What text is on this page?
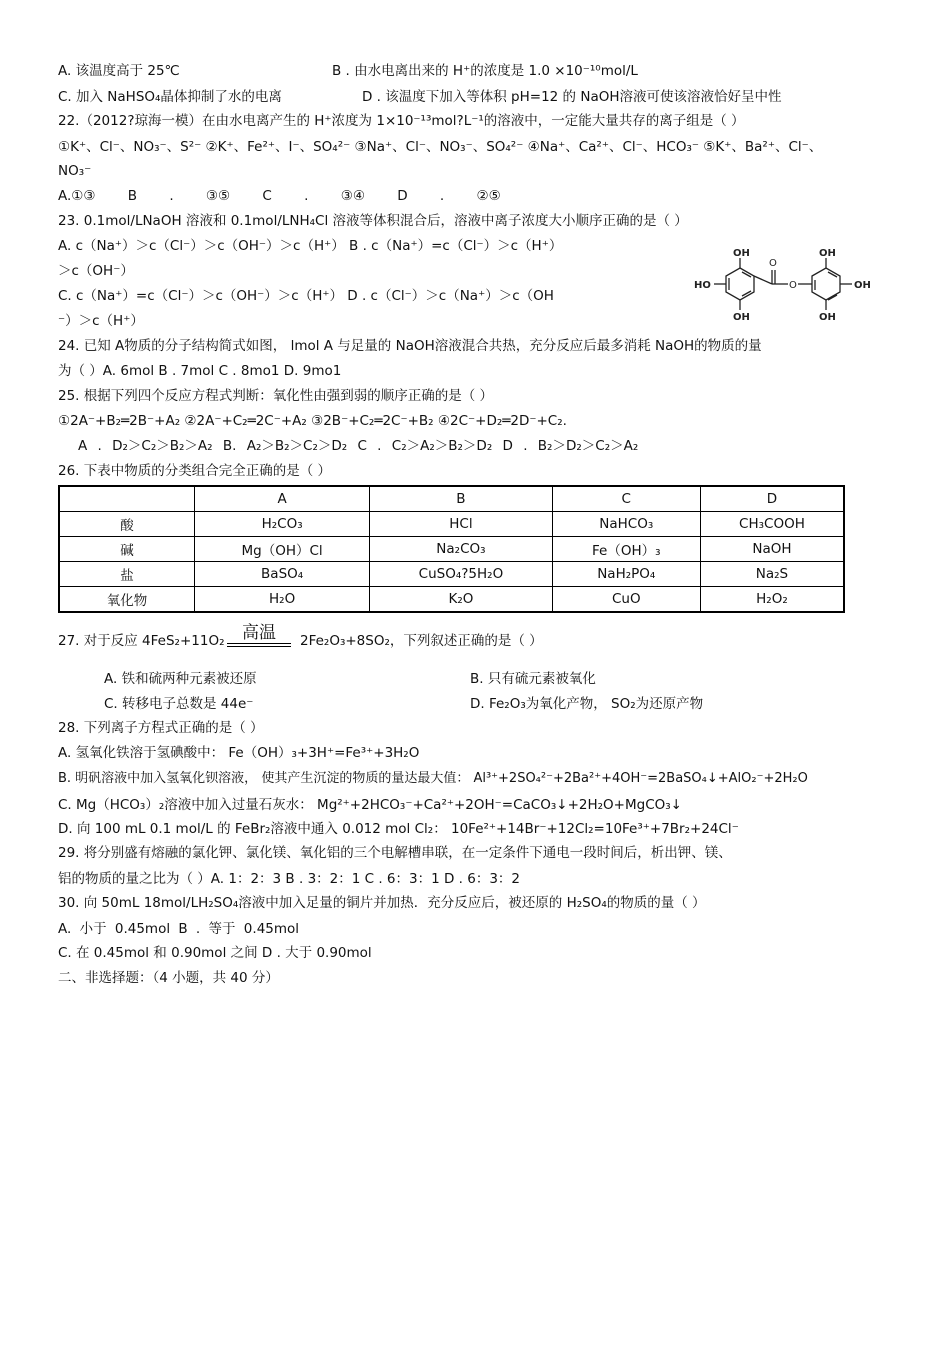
A. 该温度高于 25℃	B . 由水电离出来的 H⁺的浓度是 1.0 ×10⁻¹⁰mol/L
C. 加入 NaHSO₄晶体抑制了水的电离	D . 该温度下加入等体积 pH=12 的 NaOH溶液可使该溶液恰好呈中性
22.（2012?琼海一模）在由水电离产生的 H⁺浓度为 1×10⁻¹³mol?L⁻¹的溶液中，一定能大量共存的离子组是（ ）
①K⁺、Cl⁻、NO₃⁻、S²⁻ ②K⁺、Fe²⁺、I⁻、SO₄²⁻ ③Na⁺、Cl⁻、NO₃⁻、SO₄²⁻ ④Na⁺、Ca²⁺、Cl⁻、HCO₃⁻ ⑤K⁺、Ba²⁺、Cl⁻、
NO₃⁻
A.①③ B . ③⑤ C . ③④ D . ②⑤
23. 0.1mol/LNaOH 溶液和 0.1mol/LNH₄Cl 溶液等体积混合后，溶液中离子浓度大小顺序正确的是（ ）
A. c（Na⁺）＞c（Cl⁻）＞c（OH⁻）＞c（H⁺） B . c（Na⁺）=c（Cl⁻）＞c（H⁺）
＞c（OH⁻）
C. c（Na⁺）=c（Cl⁻）＞c（OH⁻）＞c（H⁺） D . c（Cl⁻）＞c（Na⁺）＞c（OH
⁻）＞c（H⁺）
OH
OH
HO
O
O
OH
OH
OH
24. 已知 A物质的分子结构简式如图， lmol A 与足量的 NaOH溶液混合共热，充分反应后最多消耗 NaOH的物质的量
为（ ）A. 6mol B . 7mol C . 8mo1 D. 9mo1
25. 根据下列四个反应方程式判断：氧化性由强到弱的顺序正确的是（ ）
①2A⁻+B₂═2B⁻+A₂ ②2A⁻+C₂═2C⁻+A₂ ③2B⁻+C₂═2C⁻+B₂ ④2C⁻+D₂═2D⁻+C₂.
A . D₂＞C₂＞B₂＞A₂ B. A₂＞B₂＞C₂＞D₂ C . C₂＞A₂＞B₂＞D₂ D . B₂＞D₂＞C₂＞A₂
26. 下表中物质的分类组合完全正确的是（ ）
	A	B	C	D
酸	H₂CO₃	HCl	NaHCO₃	CH₃COOH
碱	Mg（OH）Cl	Na₂CO₃	Fe（OH）₃	NaOH
盐	BaSO₄	CuSO₄?5H₂O	NaH₂PO₄	Na₂S
氧化物	H₂O	K₂O	CuO	H₂O₂
27. 对于反应 4FeS₂+11O₂	高温	2Fe₂O₃+8SO₂，下列叙述正确的是（ ）
A. 铁和硫两种元素被还原	B. 只有硫元素被氧化
C. 转移电子总数是 44e⁻	D. Fe₂O₃为氧化产物， SO₂为还原产物
28. 下列离子方程式正确的是（ ）
A. 氢氧化铁溶于氢碘酸中： Fe（OH）₃+3H⁺=Fe³⁺+3H₂O
B. 明矾溶液中加入氢氧化钡溶液， 使其产生沉淀的物质的量达最大值： Al³⁺+2SO₄²⁻+2Ba²⁺+4OH⁻=2BaSO₄↓+AlO₂⁻+2H₂O
C. Mg（HCO₃）₂溶液中加入过量石灰水： Mg²⁺+2HCO₃⁻+Ca²⁺+2OH⁻=CaCO₃↓+2H₂O+MgCO₃↓
D. 向 100 mL 0.1 mol/L 的 FeBr₂溶液中通入 0.012 mol Cl₂： 10Fe²⁺+14Br⁻+12Cl₂=10Fe³⁺+7Br₂+24Cl⁻
29. 将分别盛有熔融的氯化钾、氯化镁、氧化铝的三个电解槽串联，在一定条件下通电一段时间后，析出钾、镁、
铝的物质的量之比为（ ）A. 1：2：3 B . 3：2：1 C . 6：3：1 D . 6：3：2
30. 向 50mL 18mol/LH₂SO₄溶液中加入足量的铜片并加热．充分反应后，被还原的 H₂SO₄的物质的量（ ）
A. 小于 0.45mol B . 等于 0.45mol
C. 在 0.45mol 和 0.90mol 之间 D . 大于 0.90mol
二、非选择题：（4 小题，共 40 分）
